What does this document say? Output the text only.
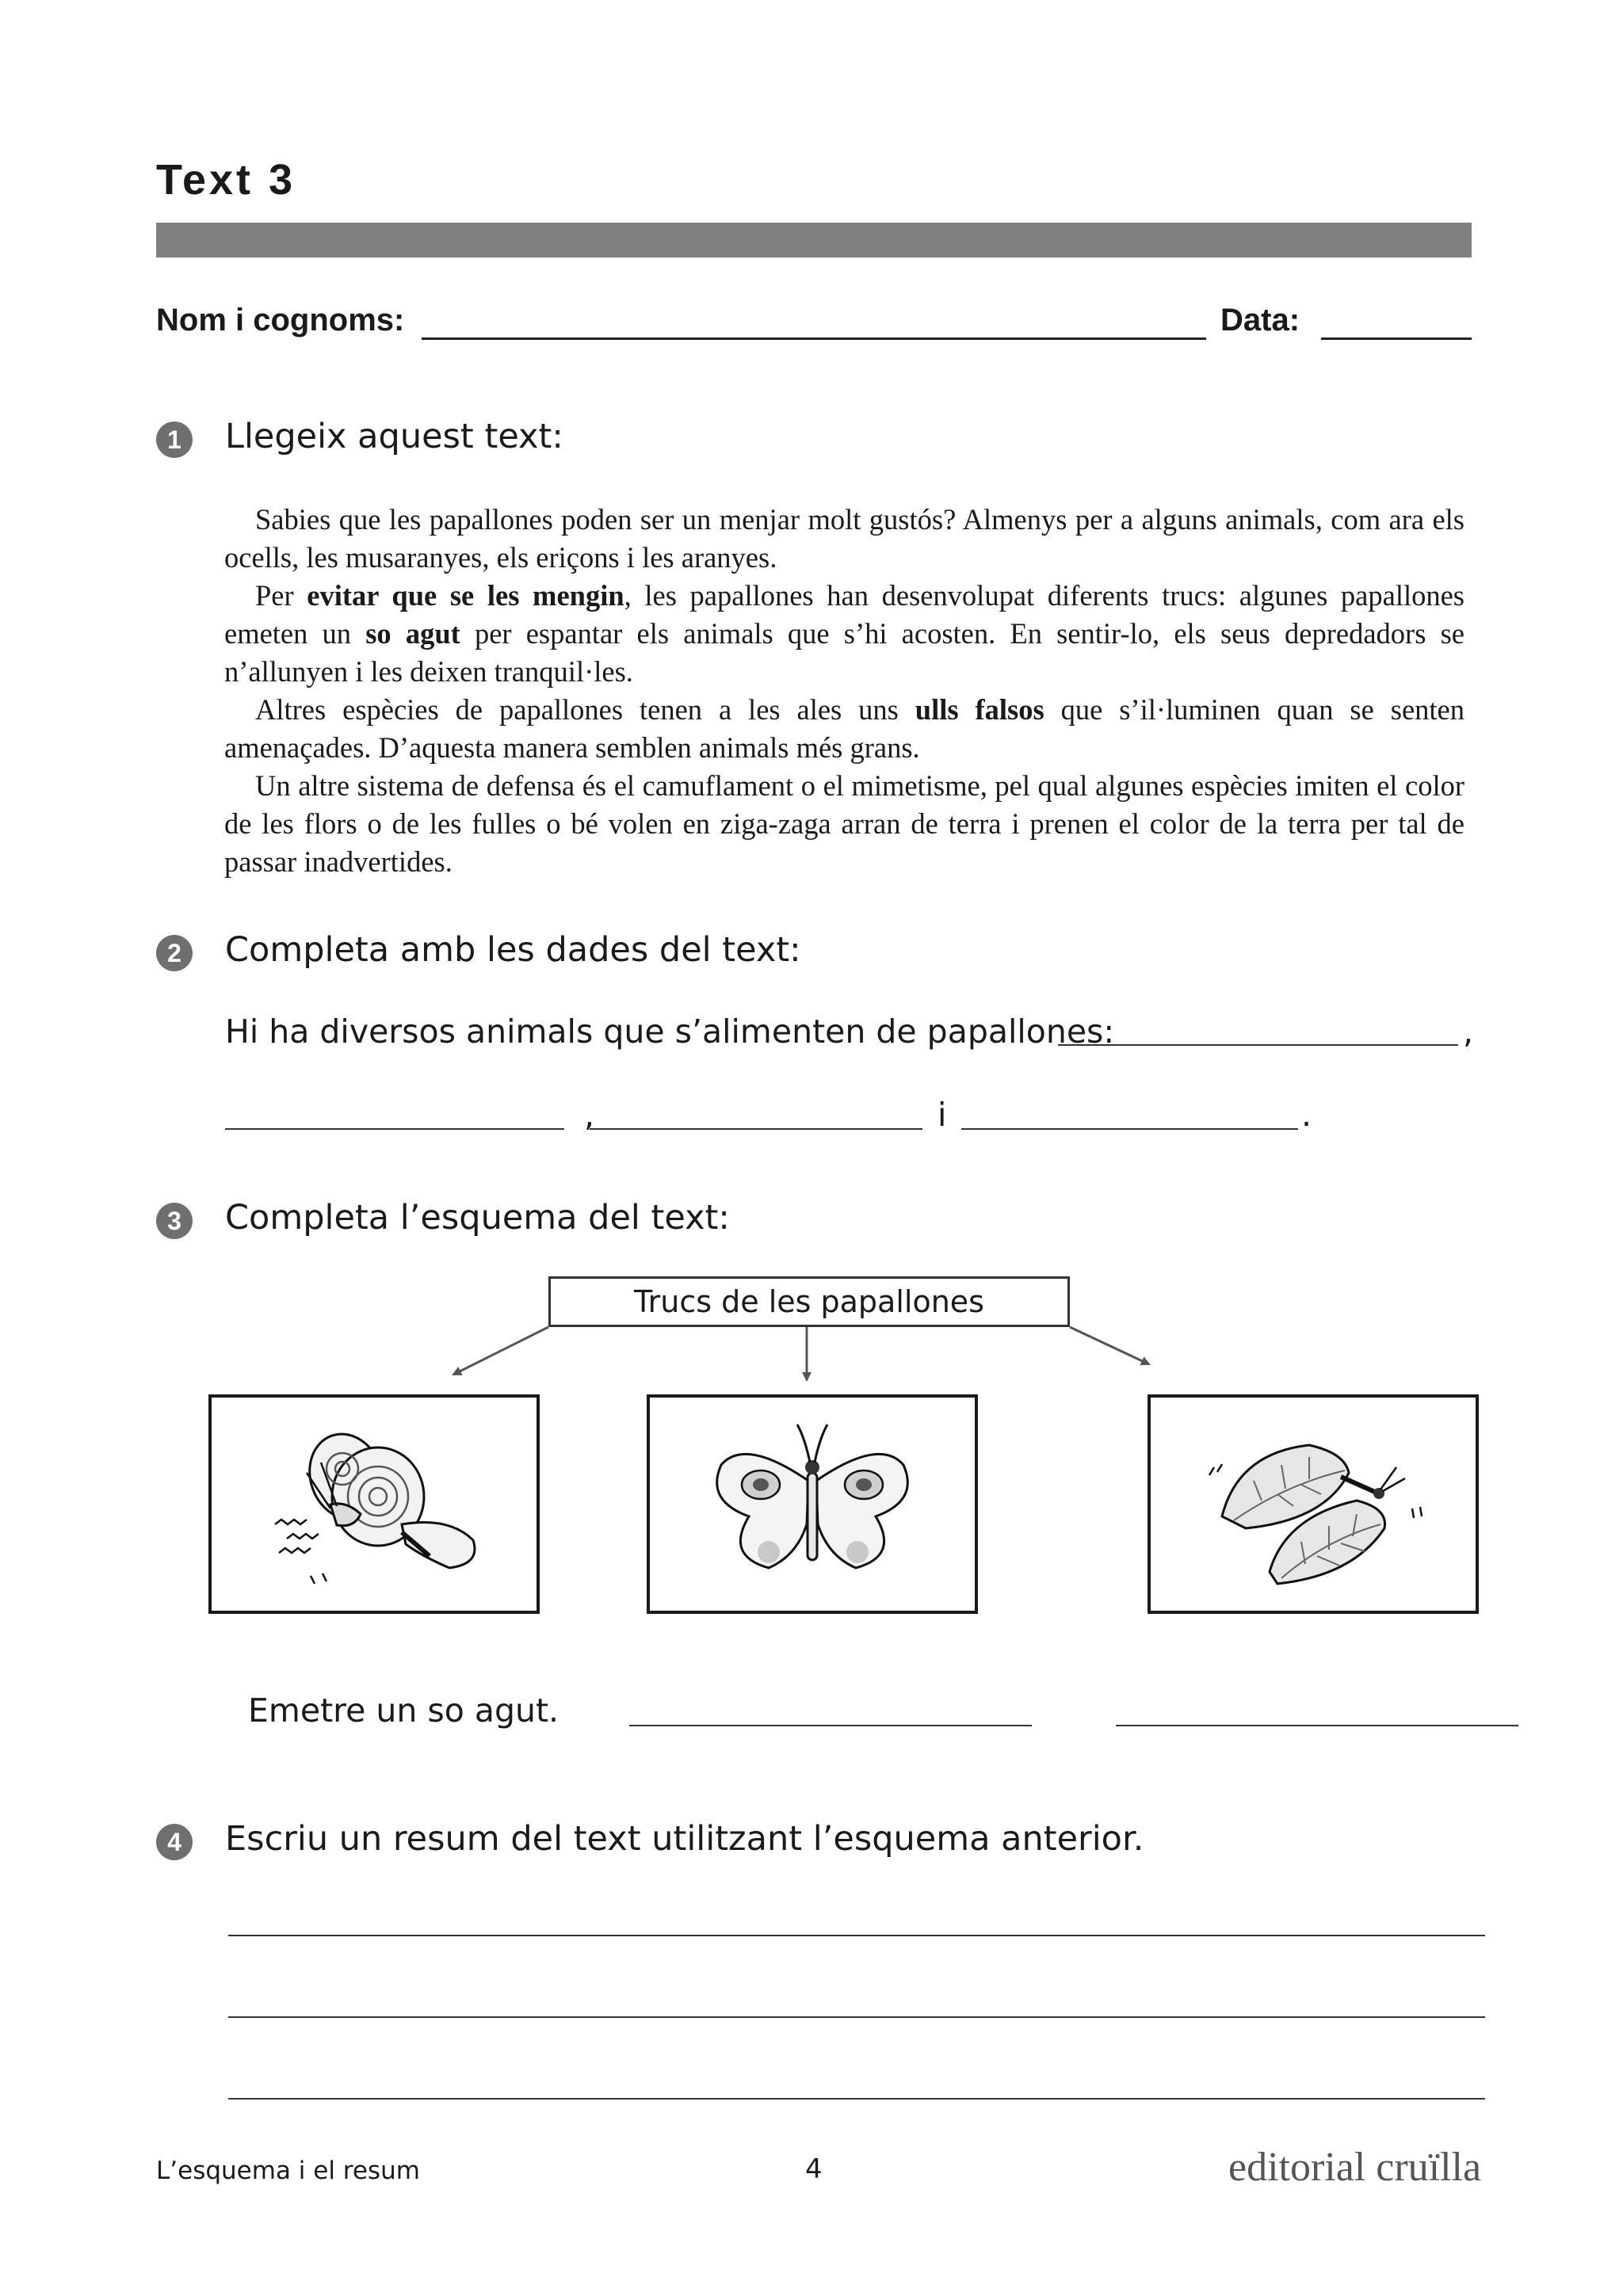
Text 3
Nom i cognoms:	Data:
1	Llegeix aquest text:

Sabies que les papallones poden ser un menjar molt gustós? Almenys per a alguns animals, com ara els ocells, les musaranyes, els eriçons i les aranyes.

Per evitar que se les mengin, les papallones han desenvolupat diferents trucs: algunes papallones emeten un so agut per espantar els animals que s’hi acosten. En sentir-lo, els seus depredadors se n’allunyen i les deixen tranquil·les.

Altres espècies de papallones tenen a les ales uns ulls falsos que s’il·luminen quan se senten amenaçades. D’aquesta manera semblen animals més grans.

Un altre sistema de defensa és el camuflament o el mimetisme, pel qual algunes espècies imiten el color de les flors o de les fulles o bé volen en ziga-zaga arran de terra i prenen el color de la terra per tal de passar inadvertides.

2	Completa amb les dades del text:
Hi ha diversos animals que s’alimenten de papallones:	,
,	i	.
3	Completa l’esquema del text:
Trucs de les papallones
Emetre un so agut.
4	Escriu un resum del text utilitzant l’esquema anterior.
L’esquema i el resum	4	editorial cruïlla
